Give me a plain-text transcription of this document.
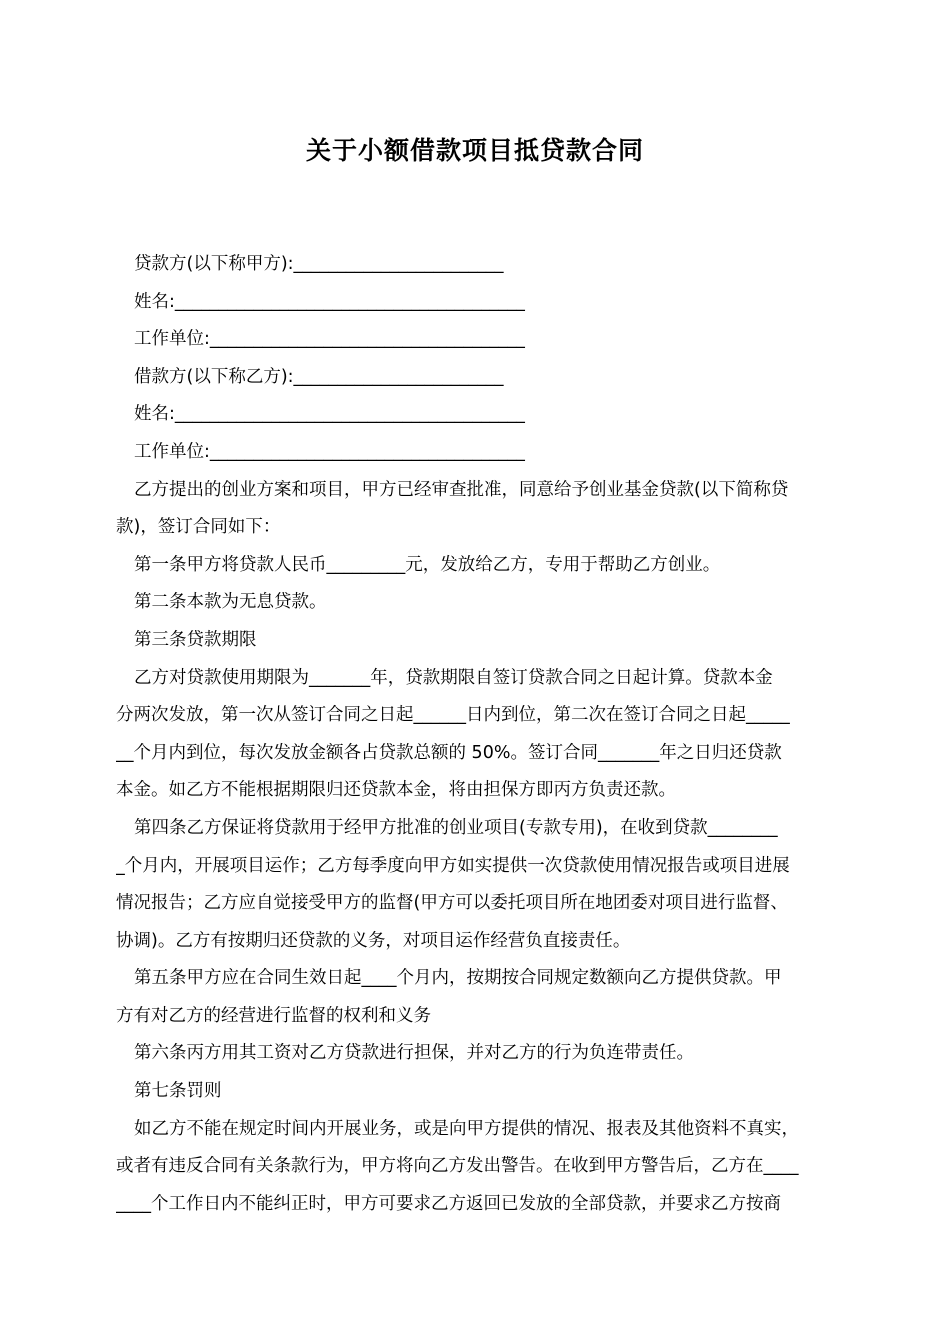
关于小额借款项目抵贷款合同
贷款方(以下称甲方):________________________
姓名:________________________________________
工作单位:____________________________________
借款方(以下称乙方):________________________
姓名:________________________________________
工作单位:____________________________________
乙方提出的创业方案和项目，甲方已经审查批准，同意给予创业基金贷款(以下简称贷
款)，签订合同如下：
第一条甲方将贷款人民币_________元，发放给乙方，专用于帮助乙方创业。
第二条本款为无息贷款。
第三条贷款期限
乙方对贷款使用期限为_______年，贷款期限自签订贷款合同之日起计算。贷款本金
分两次发放，第一次从签订合同之日起______日内到位，第二次在签订合同之日起_____
__个月内到位，每次发放金额各占贷款总额的 50%。签订合同_______年之日归还贷款
本金。如乙方不能根据期限归还贷款本金，将由担保方即丙方负责还款。
第四条乙方保证将贷款用于经甲方批准的创业项目(专款专用)，在收到贷款________
_个月内，开展项目运作；乙方每季度向甲方如实提供一次贷款使用情况报告或项目进展
情况报告；乙方应自觉接受甲方的监督(甲方可以委托项目所在地团委对项目进行监督、
协调)。乙方有按期归还贷款的义务，对项目运作经营负直接责任。
第五条甲方应在合同生效日起____个月内，按期按合同规定数额向乙方提供贷款。甲
方有对乙方的经营进行监督的权利和义务
第六条丙方用其工资对乙方贷款进行担保，并对乙方的行为负连带责任。
第七条罚则
如乙方不能在规定时间内开展业务，或是向甲方提供的情况、报表及其他资料不真实，
或者有违反合同有关条款行为，甲方将向乙方发出警告。在收到甲方警告后，乙方在____
____个工作日内不能纠正时，甲方可要求乙方返回已发放的全部贷款，并要求乙方按商
